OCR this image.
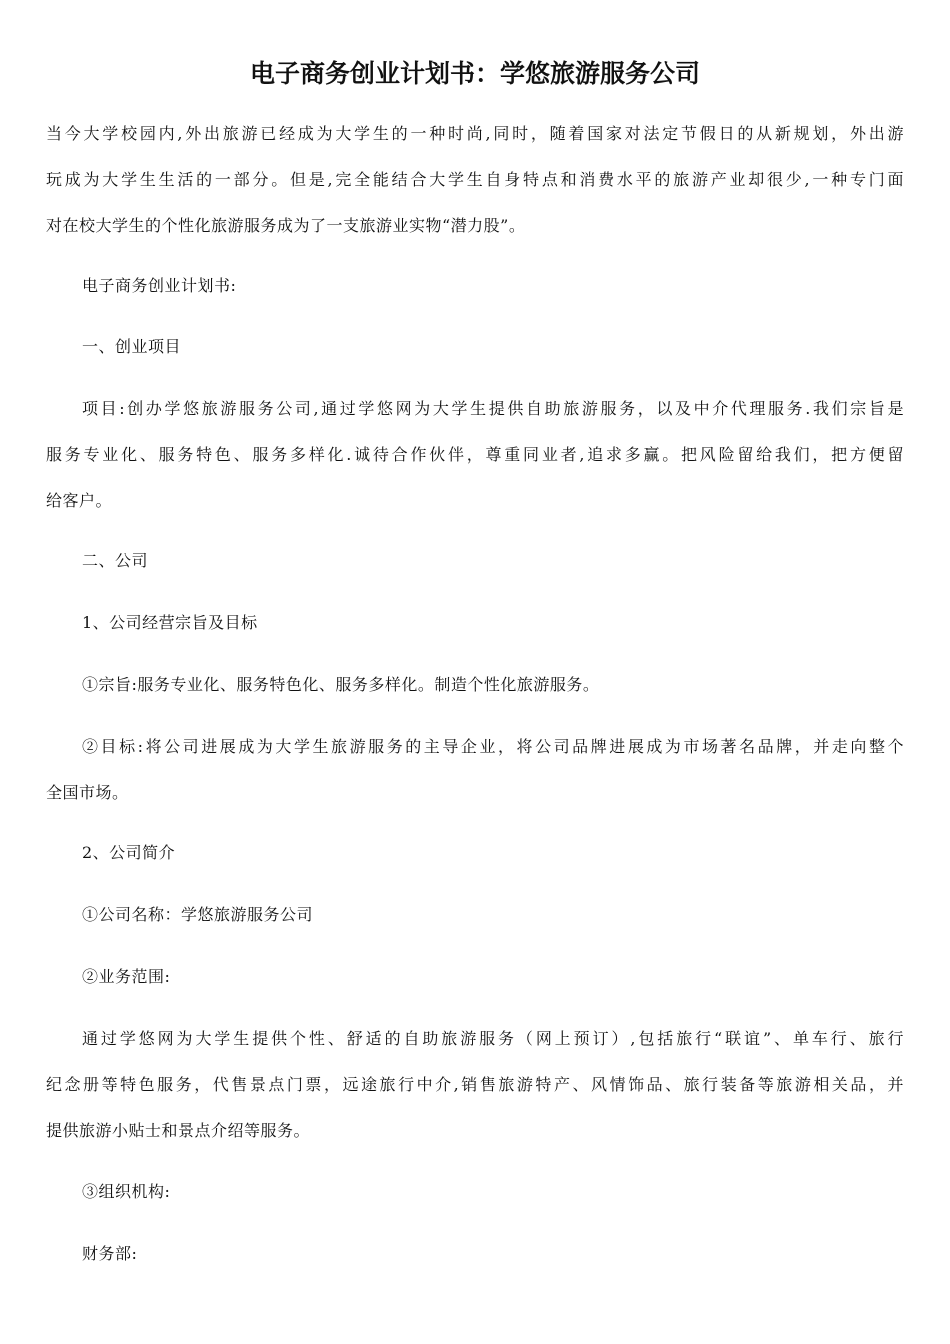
电子商务创业计划书：学悠旅游服务公司
当今大学校园内,外出旅游已经成为大学生的一种时尚,同时，随着国家对法定节假日的从新规划，外出游
玩成为大学生生活的一部分。但是,完全能结合大学生自身特点和消费水平的旅游产业却很少,一种专门面
对在校大学生的个性化旅游服务成为了一支旅游业实物“潜力股”。

电子商务创业计划书:

一、创业项目

项目:创办学悠旅游服务公司,通过学悠网为大学生提供自助旅游服务，以及中介代理服务.我们宗旨是
服务专业化、服务特色、服务多样化.诚待合作伙伴，尊重同业者,追求多赢。把风险留给我们，把方便留
给客户。

二、公司

1、公司经营宗旨及目标

①宗旨:服务专业化、服务特色化、服务多样化。制造个性化旅游服务。

②目标:将公司进展成为大学生旅游服务的主导企业，将公司品牌进展成为市场著名品牌，并走向整个
全国市场。

2、公司简介

①公司名称：学悠旅游服务公司

②业务范围:

通过学悠网为大学生提供个性、舒适的自助旅游服务（网上预订）,包括旅行“联谊”、单车行、旅行
纪念册等特色服务，代售景点门票，远途旅行中介,销售旅游特产、风情饰品、旅行装备等旅游相关品，并
提供旅游小贴士和景点介绍等服务。

③组织机构:

财务部:
